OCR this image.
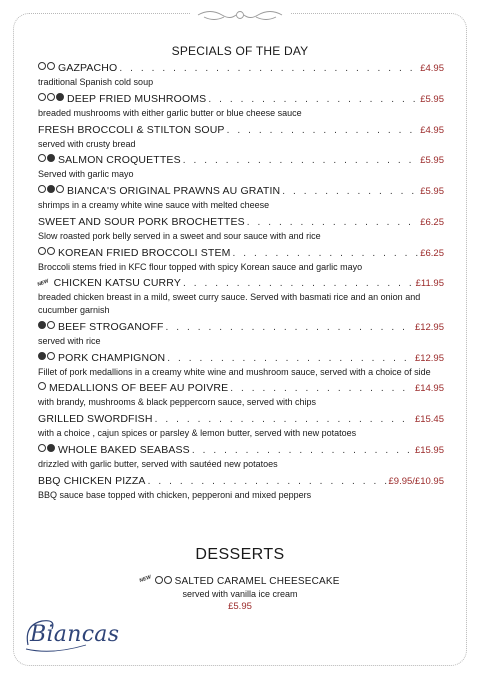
SPECIALS OF THE DAY
GAZPACHO . . .	£4.95
traditional Spanish cold soup
DEEP FRIED MUSHROOMS . . .	£5.95
breaded mushrooms with either garlic butter or blue cheese sauce
FRESH BROCCOLI & STILTON SOUP . . .	£4.95
served with crusty bread
SALMON CROQUETTES . . .	£5.95
Served with garlic mayo
BIANCA'S ORIGINAL PRAWNS AU GRATIN . . .	£5.95
shrimps in a creamy white wine sauce with melted cheese
SWEET AND SOUR PORK BROCHETTES . . .	£6.25
Slow roasted pork belly served in a sweet and sour sauce with and rice
KOREAN FRIED BROCCOLI STEM . . .	£6.25
Broccoli stems fried in KFC flour topped with spicy Korean sauce and garlic mayo
NEW CHICKEN KATSU CURRY . . .	£11.95
breaded chicken breast in a mild, sweet curry sauce. Served with basmati rice and an onion and cucumber garnish
BEEF STROGANOFF . . .	£12.95
served with rice
PORK CHAMPIGNON . . .	£12.95
Fillet of pork medallions in a creamy white wine and mushroom sauce, served with a choice of side
MEDALLIONS OF BEEF AU POIVRE . . .	£14.95
with brandy, mushrooms & black peppercorn sauce, served with chips
GRILLED SWORDFISH . . .	£15.45
with a choice , cajun spices or parsley & lemon butter, served with new potatoes
WHOLE BAKED SEABASS . . .	£15.95
drizzled with garlic butter, served with sautéed new potatoes
BBQ CHICKEN PIZZA . . .	£9.95/£10.95
BBQ sauce base topped with chicken, pepperoni and mixed peppers
DESSERTS
NEW SALTED CARAMEL CHEESECAKE
served with vanilla ice cream
£5.95
Biancas
